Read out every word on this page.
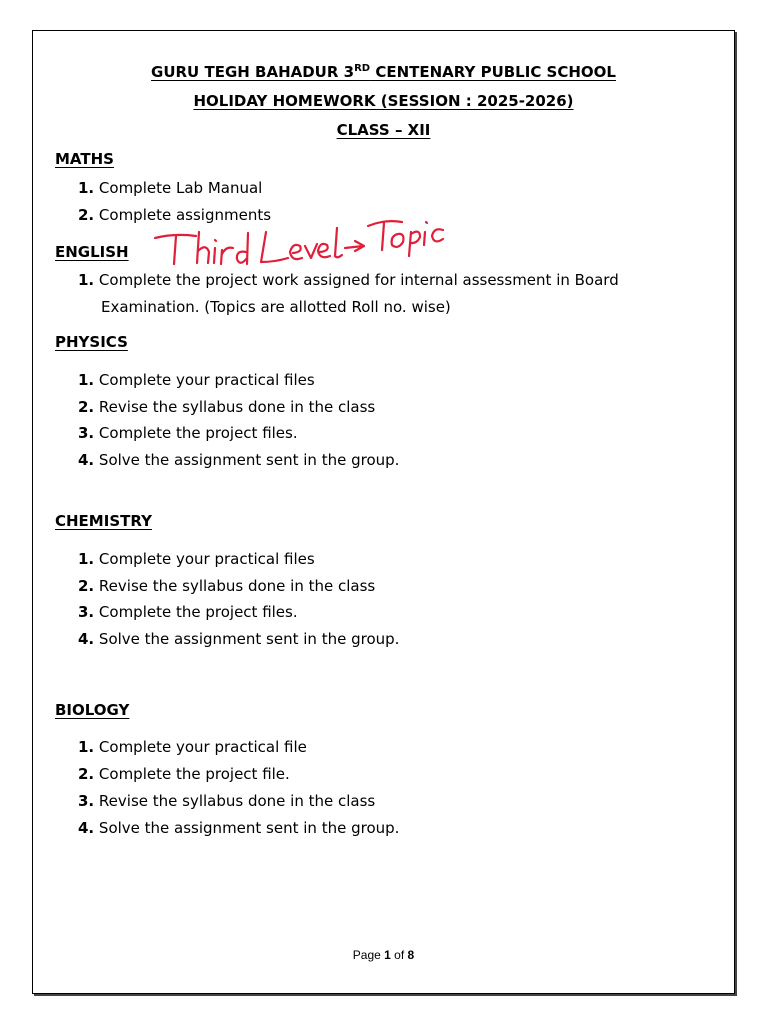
GURU TEGH BAHADUR 3RD CENTENARY PUBLIC SCHOOL
HOLIDAY HOMEWORK (SESSION : 2025-2026)
CLASS – XII
MATHS
1. Complete Lab Manual
2. Complete assignments
ENGLISH
1. Complete the project work assigned for internal assessment in Board
Examination. (Topics are allotted Roll no. wise)
PHYSICS
1. Complete your practical files
2. Revise the syllabus done in the class
3. Complete the project files.
4. Solve the assignment sent in the group.
CHEMISTRY
1. Complete your practical files
2. Revise the syllabus done in the class
3. Complete the project files.
4. Solve the assignment sent in the group.
BIOLOGY
1. Complete your practical file
2. Complete the project file.
3. Revise the syllabus done in the class
4. Solve the assignment sent in the group.
Page 1 of 8
